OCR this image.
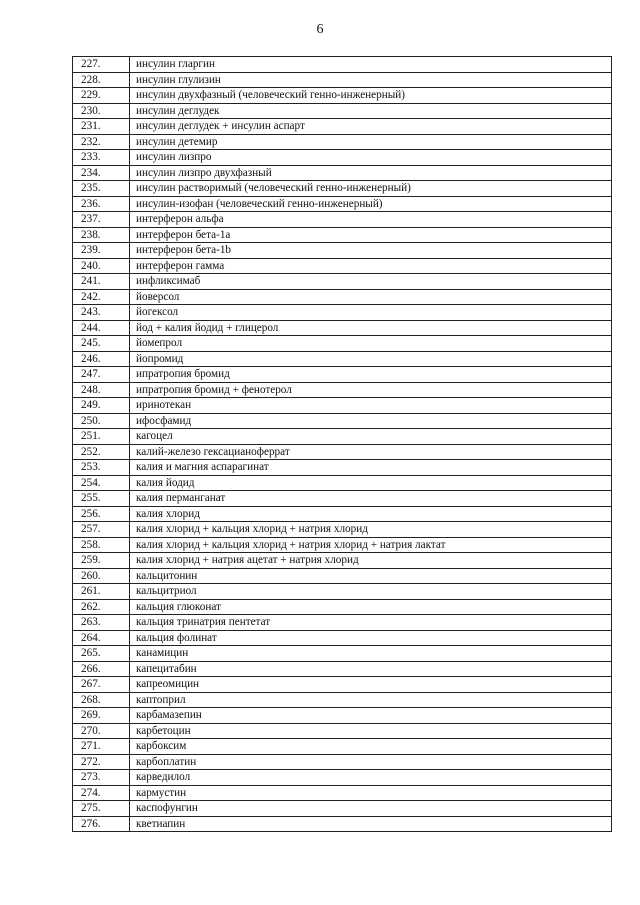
6
227.	инсулин гларгин
228.	инсулин глулизин
229.	инсулин двухфазный (человеческий генно-инженерный)
230.	инсулин деглудек
231.	инсулин деглудек + инсулин аспарт
232.	инсулин детемир
233.	инсулин лизпро
234.	инсулин лизпро двухфазный
235.	инсулин растворимый (человеческий генно-инженерный)
236.	инсулин-изофан (человеческий генно-инженерный)
237.	интерферон альфа
238.	интерферон бета-1a
239.	интерферон бета-1b
240.	интерферон гамма
241.	инфликсимаб
242.	йоверсол
243.	йогексол
244.	йод + калия йодид + глицерол
245.	йомепрол
246.	йопромид
247.	ипратропия бромид
248.	ипратропия бромид + фенотерол
249.	иринотекан
250.	ифосфамид
251.	кагоцел
252.	калий-железо гексацианоферрат
253.	калия и магния аспарагинат
254.	калия йодид
255.	калия перманганат
256.	калия хлорид
257.	калия хлорид + кальция хлорид + натрия хлорид
258.	калия хлорид + кальция хлорид + натрия хлорид + натрия лактат
259.	калия хлорид + натрия ацетат + натрия хлорид
260.	кальцитонин
261.	кальцитриол
262.	кальция глюконат
263.	кальция тринатрия пентетат
264.	кальция фолинат
265.	канамицин
266.	капецитабин
267.	капреомицин
268.	каптоприл
269.	карбамазепин
270.	карбетоцин
271.	карбоксим
272.	карбоплатин
273.	карведилол
274.	кармустин
275.	каспофунгин
276.	кветиапин
